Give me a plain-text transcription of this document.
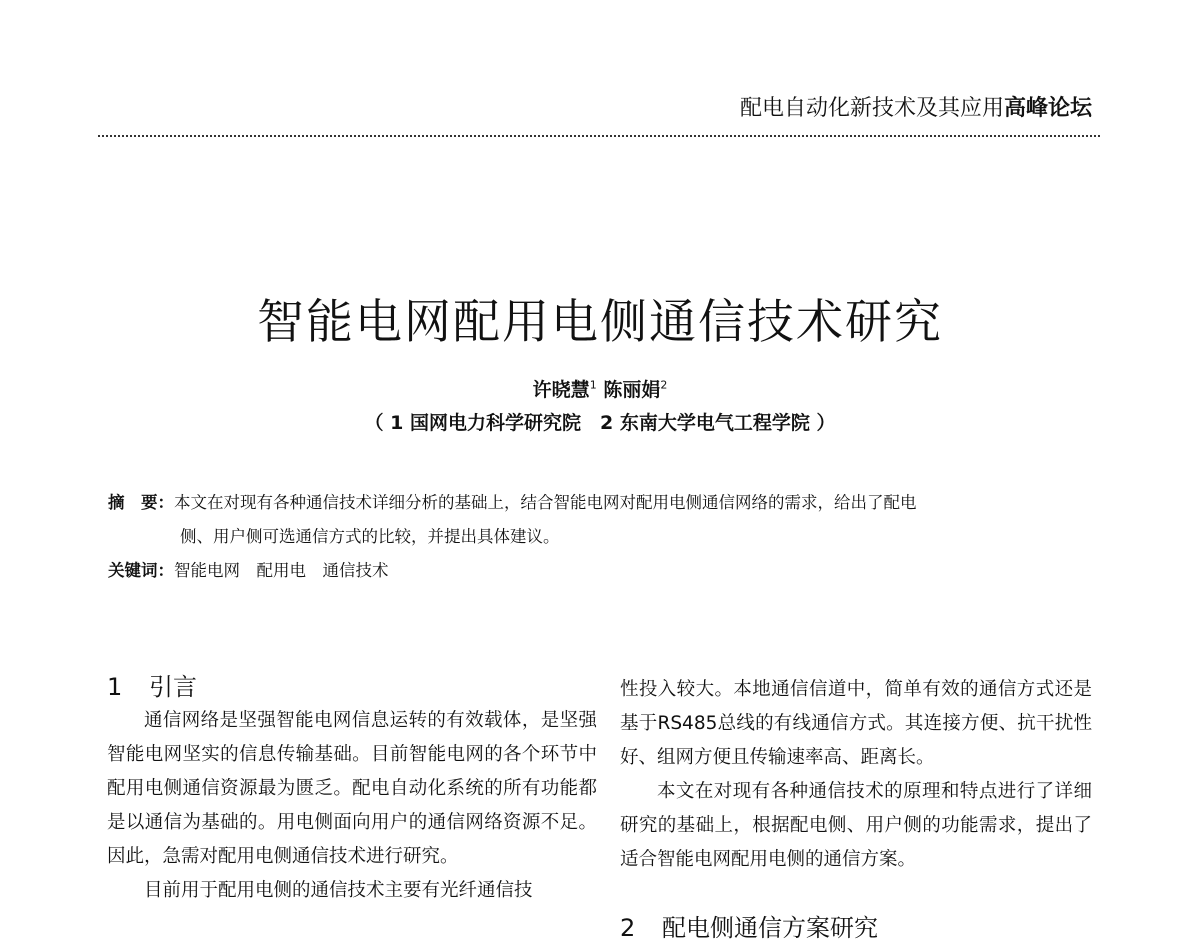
配电自动化新技术及其应用高峰论坛
智能电网配用电侧通信技术研究
许晓慧$^1$ 陈丽娟$^2$
（ 1 国网电力科学研究院　2 东南大学电气工程学院 ）
摘　要：本文在对现有各种通信技术详细分析的基础上，结合智能电网对配用电侧通信网络的需求，给出了配电
侧、用户侧可选通信方式的比较，并提出具体建议。
关键词：智能电网　配用电　通信技术
1 引言

通信网络是坚强智能电网信息运转的有效载体，是坚强智能电网坚实的信息传输基础。目前智能电网的各个环节中配用电侧通信资源最为匮乏。配电自动化系统的所有功能都是以通信为基础的。用电侧面向用户的通信网络资源不足。因此，急需对配用电侧通信技术进行研究。

目前用于配用电侧的通信技术主要有光纤通信技

性投入较大。本地通信信道中，简单有效的通信方式还是基于RS485总线的有线通信方式。其连接方便、抗干扰性好、组网方便且传输速率高、距离长。

本文在对现有各种通信技术的原理和特点进行了详细研究的基础上，根据配电侧、用户侧的功能需求，提出了适合智能电网配用电侧的通信方案。

2 配电侧通信方案研究
